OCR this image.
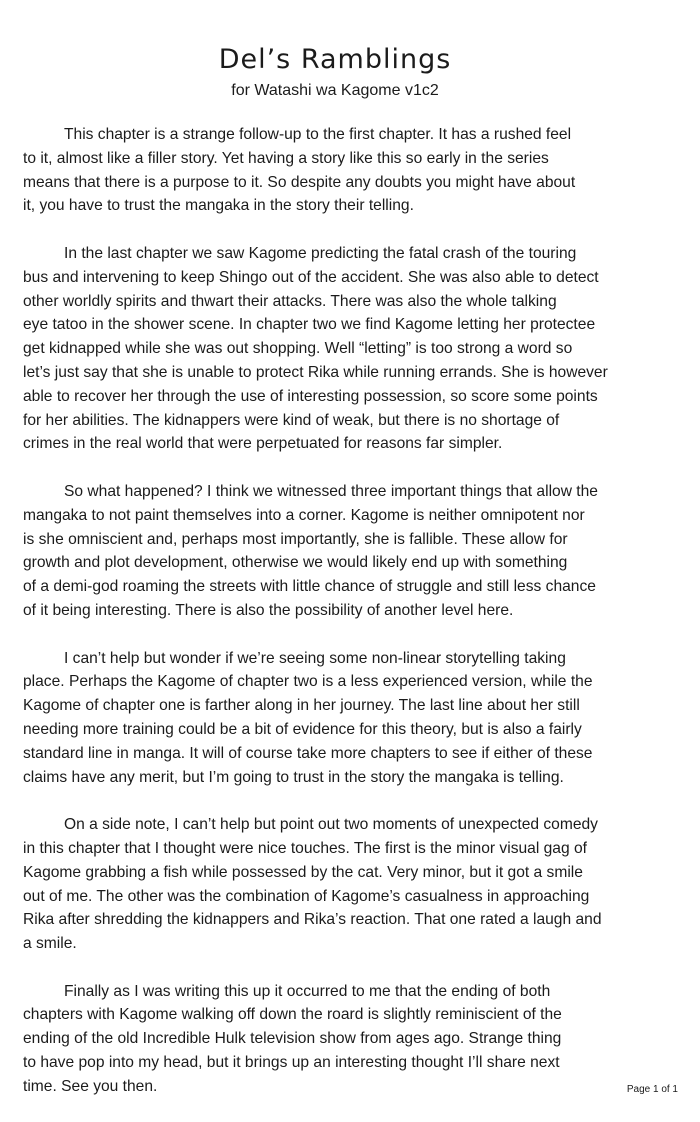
Del’s Ramblings
for Watashi wa Kagome v1c2

This chapter is a strange follow-up to the first chapter. It has a rushed feel
to it, almost like a filler story. Yet having a story like this so early in the series
means that there is a purpose to it. So despite any doubts you might have about
it, you have to trust the mangaka in the story their telling.

In the last chapter we saw Kagome predicting the fatal crash of the touring
bus and intervening to keep Shingo out of the accident. She was also able to detect
other worldly spirits and thwart their attacks. There was also the whole talking
eye tatoo in the shower scene. In chapter two we find Kagome letting her protectee
get kidnapped while she was out shopping. Well “letting” is too strong a word so
let’s just say that she is unable to protect Rika while running errands. She is however
able to recover her through the use of interesting possession, so score some points
for her abilities. The kidnappers were kind of weak, but there is no shortage of
crimes in the real world that were perpetuated for reasons far simpler.

So what happened? I think we witnessed three important things that allow the
mangaka to not paint themselves into a corner. Kagome is neither omnipotent nor
is she omniscient and, perhaps most importantly, she is fallible. These allow for
growth and plot development, otherwise we would likely end up with something
of a demi-god roaming the streets with little chance of struggle and still less chance
of it being interesting. There is also the possibility of another level here.

I can’t help but wonder if we’re seeing some non-linear storytelling taking
place. Perhaps the Kagome of chapter two is a less experienced version, while the
Kagome of chapter one is farther along in her journey. The last line about her still
needing more training could be a bit of evidence for this theory, but is also a fairly
standard line in manga. It will of course take more chapters to see if either of these
claims have any merit, but I’m going to trust in the story the mangaka is telling.

On a side note, I can’t help but point out two moments of unexpected comedy
in this chapter that I thought were nice touches. The first is the minor visual gag of
Kagome grabbing a fish while possessed by the cat. Very minor, but it got a smile
out of me. The other was the combination of Kagome’s casualness in approaching
Rika after shredding the kidnappers and Rika’s reaction. That one rated a laugh and
a smile.

Finally as I was writing this up it occurred to me that the ending of both
chapters with Kagome walking off down the roard is slightly reminiscient of the
ending of the old Incredible Hulk television show from ages ago. Strange thing
to have pop into my head, but it brings up an interesting thought I’ll share next
time. See you then.	Page 1 of 1
